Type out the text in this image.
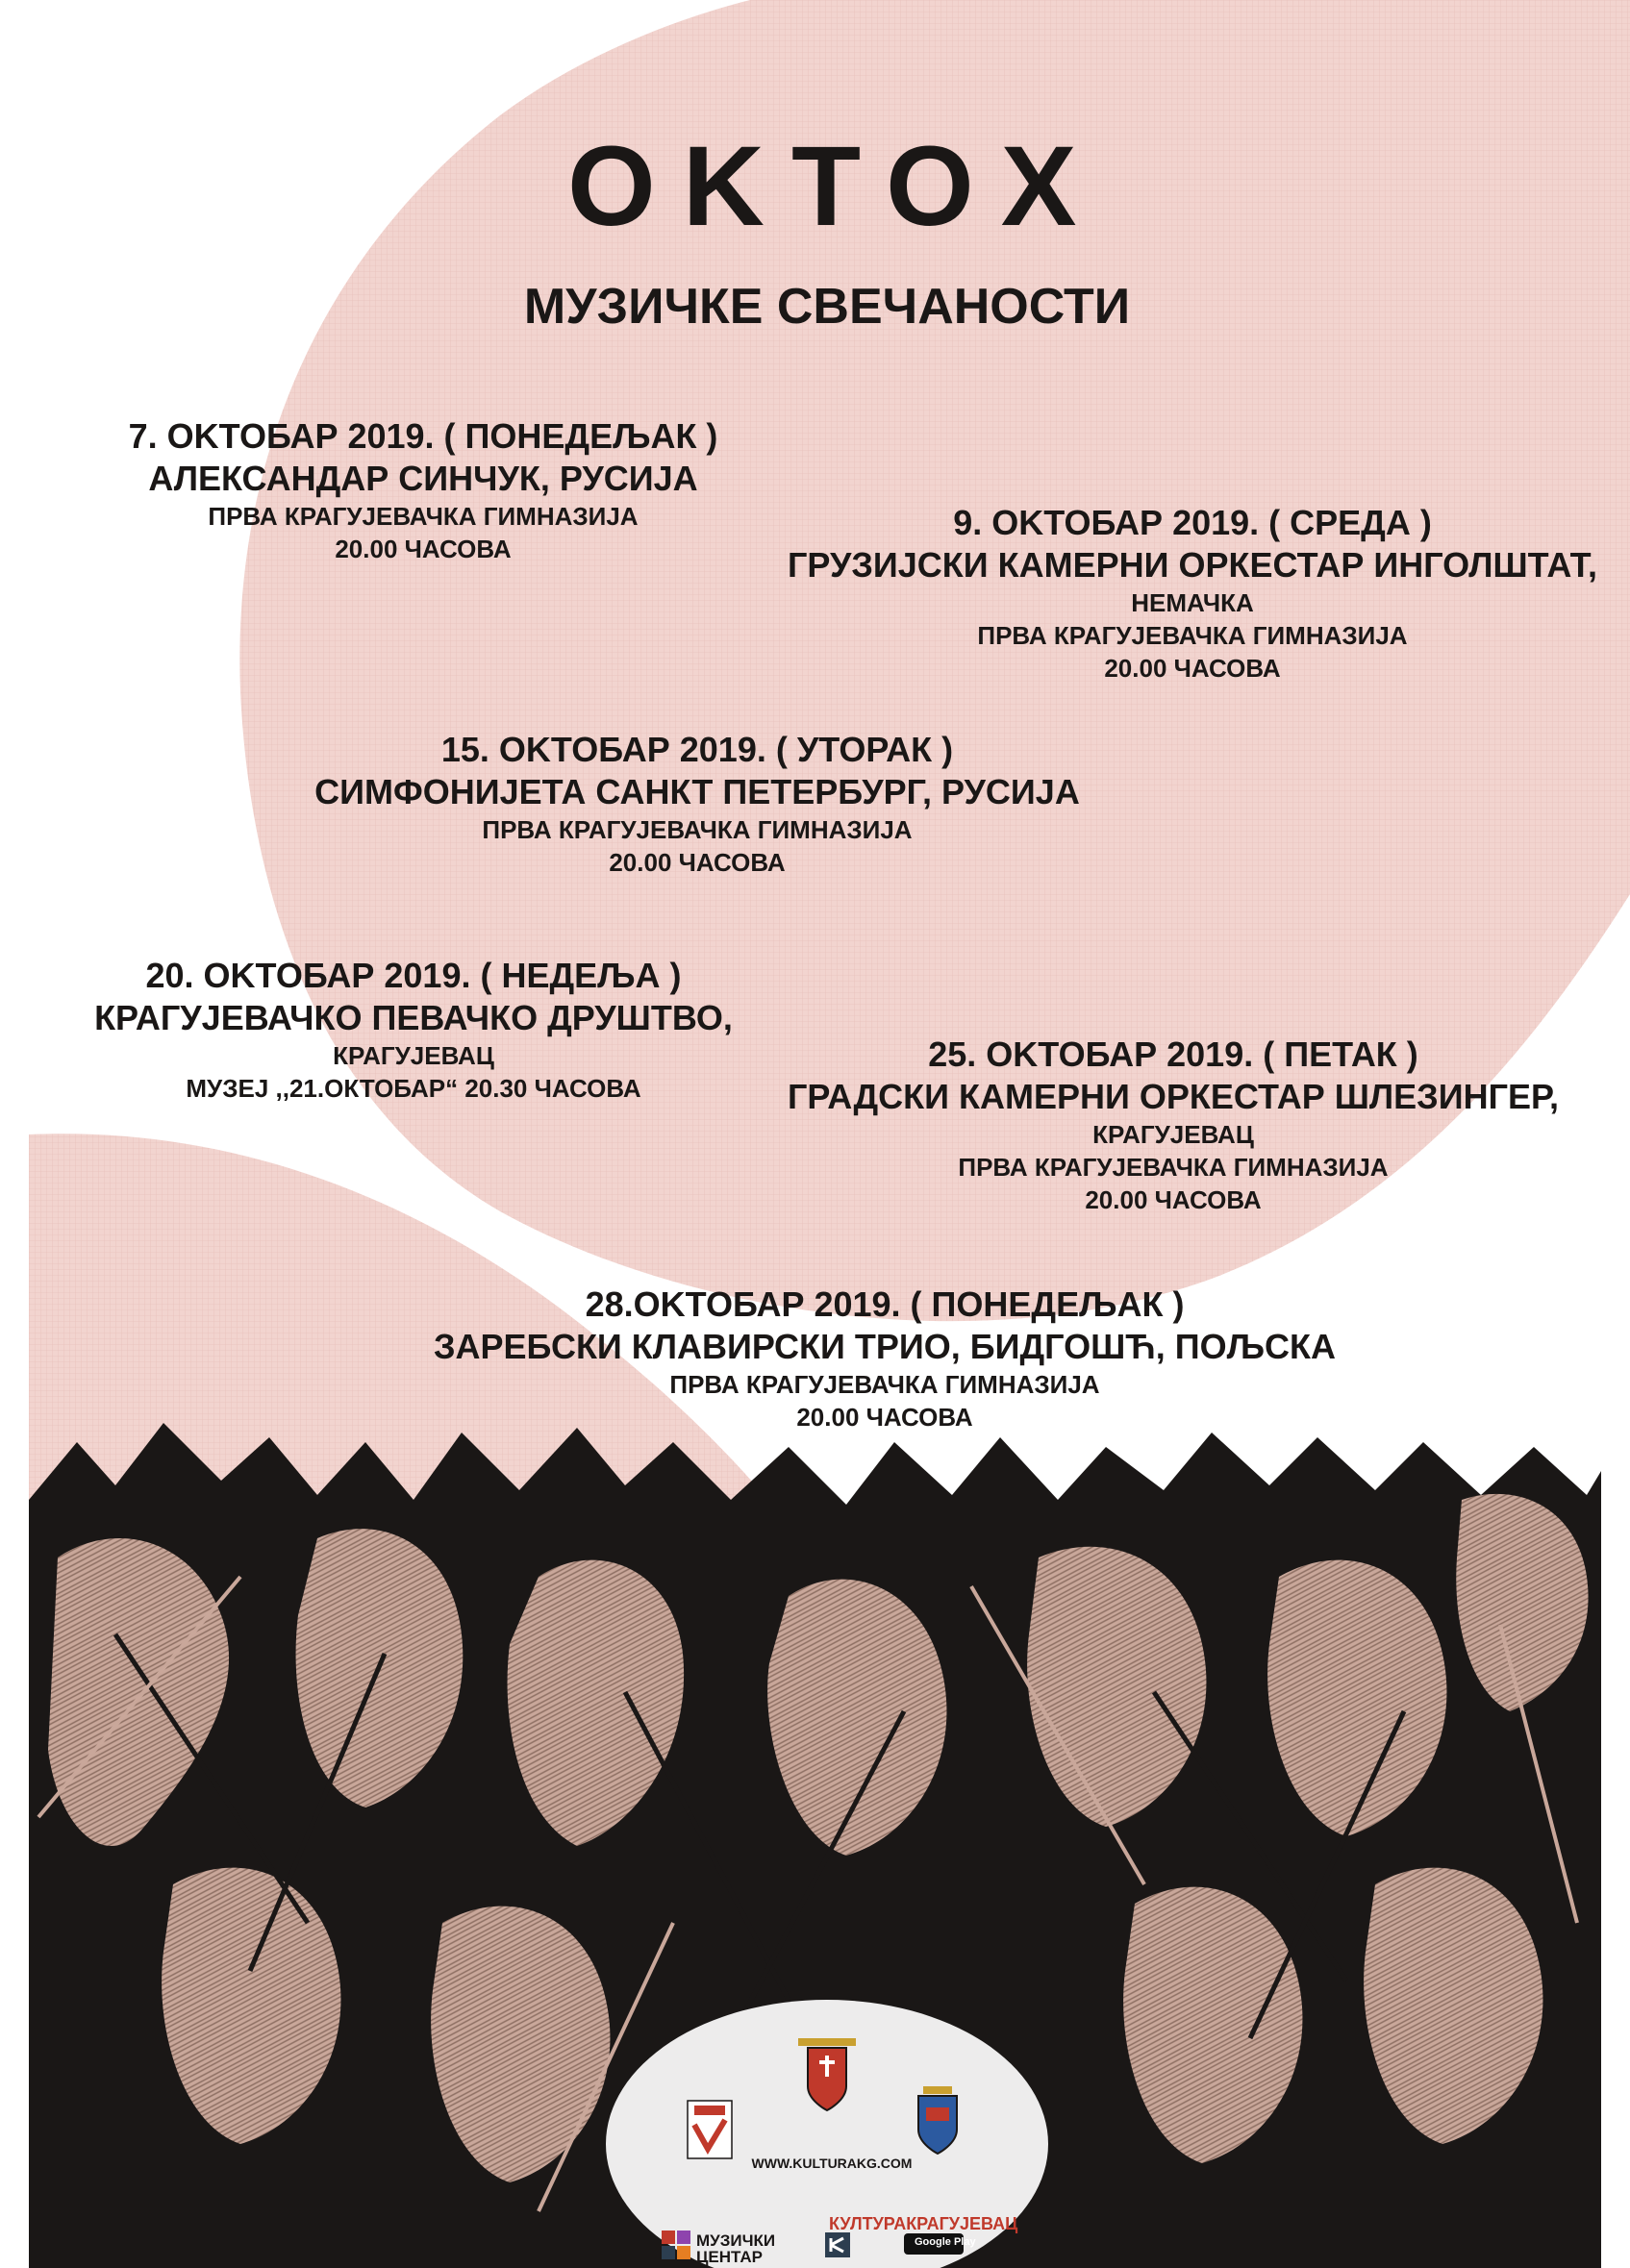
OKTOX
МУЗИЧКЕ СВЕЧАНОСТИ
7. OKTOБАР 2019. ( ПОНЕДЕЉАК )
АЛЕКСАНДАР СИНЧУК, РУСИЈА
ПРВА КРАГУЈЕВАЧКА ГИМНАЗИЈА
20.00 ЧАСОВА
9. OKTOБАР 2019. ( СРЕДА )
ГРУЗИЈСКИ КАМЕРНИ ОРКЕСТАР ИНГОЛШТАТ,
НЕМАЧКА
ПРВА КРАГУЈЕВАЧКА ГИМНАЗИЈА
20.00 ЧАСОВА
15. OKTOБАР 2019. ( УТОРАК )
СИМФОНИЈЕТА САНКТ ПЕТЕРБУРГ, РУСИЈА
ПРВА КРАГУЈЕВАЧКА ГИМНАЗИЈА
20.00 ЧАСОВА
20. OKTOБАР 2019. ( НЕДЕЉА )
КРАГУЈЕВАЧКО ПЕВАЧКО ДРУШТВО,
КРАГУЈЕВАЦ
МУЗЕЈ ,,21.ОКТОБАР“ 20.30 ЧАСОВА
25. OKTOБАР 2019. ( ПЕТАК )
ГРАДСКИ КАМЕРНИ ОРКЕСТАР ШЛЕЗИНГЕР,
КРАГУЈЕВАЦ
ПРВА КРАГУЈЕВАЧКА ГИМНАЗИЈА
20.00 ЧАСОВА
28.OKTOБАР 2019. ( ПОНЕДЕЉАК )
ЗАРЕБСКИ КЛАВИРСКИ ТРИО, БИДГОШЋ, ПОЉСКА
ПРВА КРАГУЈЕВАЧКА ГИМНАЗИЈА
20.00 ЧАСОВА
WWW.KULTURAKG.COM
МУЗИЧКИ
ЦЕНТАР
КУЛТУРАКРАГУЈЕВАЦ
Google Play
